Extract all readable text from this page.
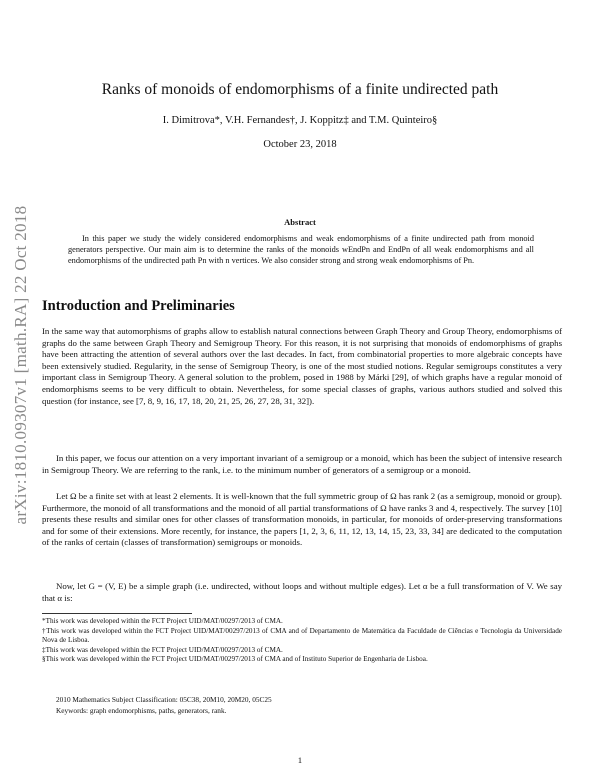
arXiv:1810.09307v1 [math.RA] 22 Oct 2018
Ranks of monoids of endomorphisms of a finite undirected path
I. Dimitrova*, V.H. Fernandes†, J. Koppitz‡ and T.M. Quinteiro§
October 23, 2018
Abstract
In this paper we study the widely considered endomorphisms and weak endomorphisms of a finite undirected path from monoid generators perspective. Our main aim is to determine the ranks of the monoids wEndPn and EndPn of all weak endomorphisms and all endomorphisms of the undirected path Pn with n vertices. We also consider strong and strong weak endomorphisms of Pn.
Introduction and Preliminaries

In the same way that automorphisms of graphs allow to establish natural connections between Graph Theory and Group Theory, endomorphisms of graphs do the same between Graph Theory and Semigroup Theory. For this reason, it is not surprising that monoids of endomorphisms of graphs have been attracting the attention of several authors over the last decades. In fact, from combinatorial properties to more algebraic concepts have been extensively studied. Regularity, in the sense of Semigroup Theory, is one of the most studied notions. Regular semigroups constitutes a very important class in Semigroup Theory. A general solution to the problem, posed in 1988 by Márki [29], of which graphs have a regular monoid of endomorphisms seems to be very difficult to obtain. Nevertheless, for some special classes of graphs, various authors studied and solved this question (for instance, see [7, 8, 9, 16, 17, 18, 20, 21, 25, 26, 27, 28, 31, 32]).

In this paper, we focus our attention on a very important invariant of a semigroup or a monoid, which has been the subject of intensive research in Semigroup Theory. We are referring to the rank, i.e. to the minimum number of generators of a semigroup or a monoid.

Let Ω be a finite set with at least 2 elements. It is well-known that the full symmetric group of Ω has rank 2 (as a semigroup, monoid or group). Furthermore, the monoid of all transformations and the monoid of all partial transformations of Ω have ranks 3 and 4, respectively. The survey [10] presents these results and similar ones for other classes of transformation monoids, in particular, for monoids of order-preserving transformations and for some of their extensions. More recently, for instance, the papers [1, 2, 3, 6, 11, 12, 13, 14, 15, 23, 33, 34] are dedicated to the computation of the ranks of certain (classes of transformation) semigroups or monoids.

Now, let G = (V, E) be a simple graph (i.e. undirected, without loops and without multiple edges). Let α be a full transformation of V. We say that α is:

*This work was developed within the FCT Project UID/MAT/00297/2013 of CMA.

†This work was developed within the FCT Project UID/MAT/00297/2013 of CMA and of Departamento de Matemática da Faculdade de Ciências e Tecnologia da Universidade Nova de Lisboa.

‡This work was developed within the FCT Project UID/MAT/00297/2013 of CMA.

§This work was developed within the FCT Project UID/MAT/00297/2013 of CMA and of Instituto Superior de Engenharia de Lisboa.

2010 Mathematics Subject Classification: 05C38, 20M10, 20M20, 05C25
Keywords: graph endomorphisms, paths, generators, rank.
1
